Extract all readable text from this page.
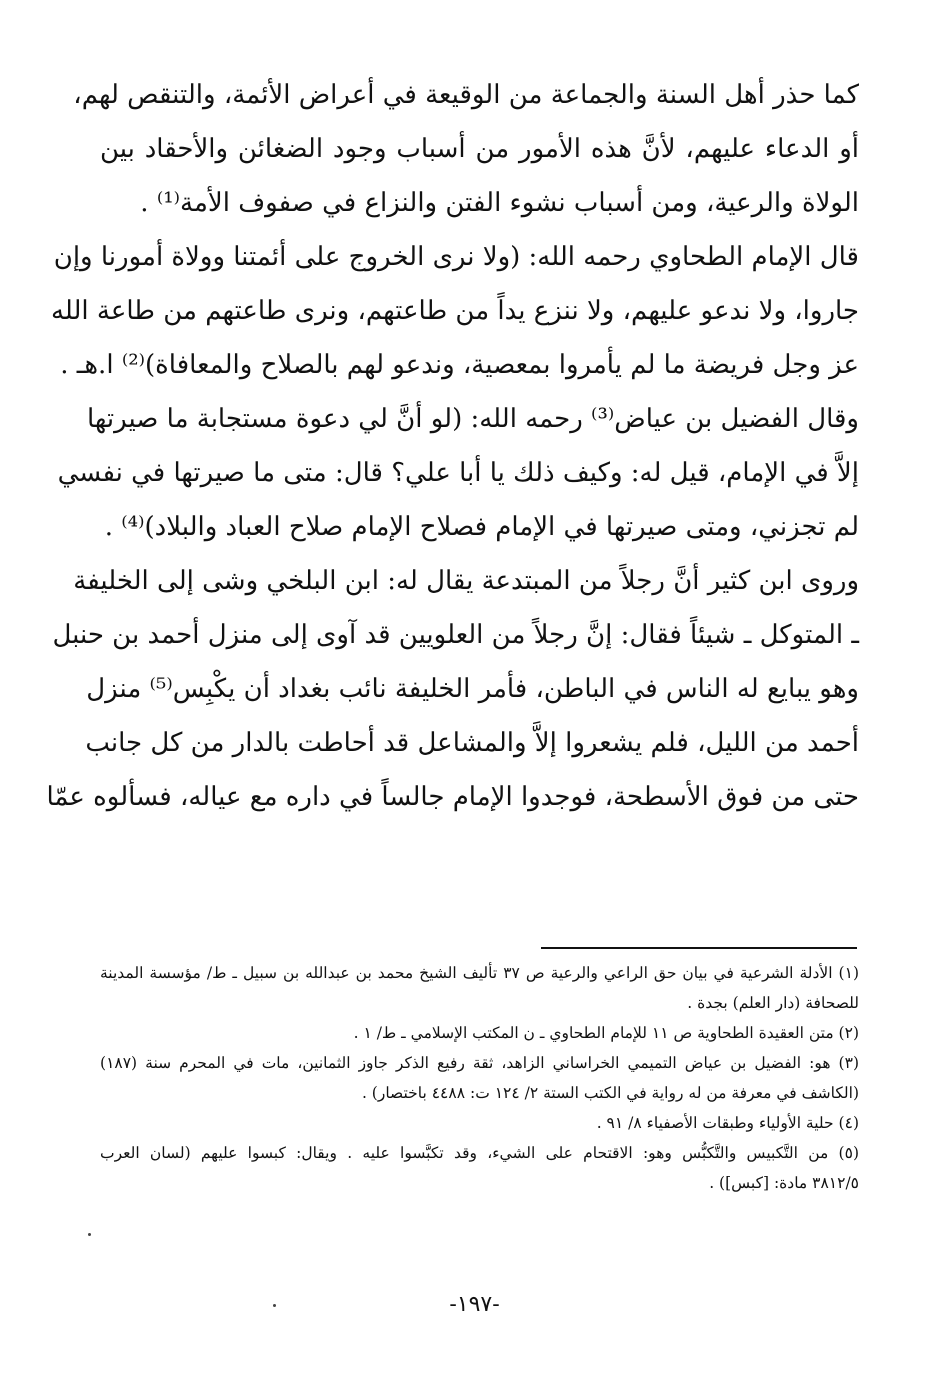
كما حذر أهل السنة والجماعة من الوقيعة في أعراض الأئمة، والتنقص لهم،
أو الدعاء عليهم، لأنَّ هذه الأمور من أسباب وجود الضغائن والأحقاد بين
الولاة والرعية، ومن أسباب نشوء الفتن والنزاع في صفوف الأمة⁽¹⁾ .
قال الإمام الطحاوي رحمه الله: (ولا نرى الخروج على أئمتنا وولاة أمورنا وإن
جاروا، ولا ندعو عليهم، ولا ننزع يداً من طاعتهم، ونرى طاعتهم من طاعة الله
عز وجل فريضة ما لم يأمروا بمعصية، وندعو لهم بالصلاح والمعافاة)⁽²⁾ ا.هـ .
وقال الفضيل بن عياض⁽³⁾ رحمه الله: (لو أنَّ لي دعوة مستجابة ما صيرتها
إلاَّ في الإمام، قيل له: وكيف ذلك يا أبا علي؟ قال: متى ما صيرتها في نفسي
لم تجزني، ومتى صيرتها في الإمام فصلاح الإمام صلاح العباد والبلاد)⁽⁴⁾ .
وروى ابن كثير أنَّ رجلاً من المبتدعة يقال له: ابن البلخي وشى إلى الخليفة
ـ المتوكل ـ شيئاً فقال: إنَّ رجلاً من العلويين قد آوى إلى منزل أحمد بن حنبل
وهو يبايع له الناس في الباطن، فأمر الخليفة نائب بغداد أن يكْبِس⁽⁵⁾ منزل
أحمد من الليل، فلم يشعروا إلاَّ والمشاعل قد أحاطت بالدار من كل جانب
حتى من فوق الأسطحة، فوجدوا الإمام جالساً في داره مع عياله، فسألوه عمّا
(١) الأدلة الشرعية في بيان حق الراعي والرعية ص ٣٧ تأليف الشيخ محمد بن عبدالله بن سبيل ـ ط/ مؤسسة المدينة
للصحافة (دار العلم) بجدة .
(٢) متن العقيدة الطحاوية ص ١١ للإمام الطحاوي ـ ن المكتب الإسلامي ـ ط/ ١ .
(٣) هو: الفضيل بن عياض التميمي الخراساني الزاهد، ثقة رفيع الذكر جاوز الثمانين، مات في المحرم سنة (١٨٧)
(الكاشف في معرفة من له رواية في الكتب الستة ٢/ ١٢٤ ت: ٤٤٨٨ باختصار) .
(٤) حلية الأولياء وطبقات الأصفياء ٨/ ٩١ .
(٥) من التَّكبيس والتَّكبُّس وهو: الاقتحام على الشيء، وقد تكبَّسوا عليه . ويقال: كبسوا عليهم (لسان العرب
٣٨١٢/٥ مادة: [كبس]) .
-١٩٧-
